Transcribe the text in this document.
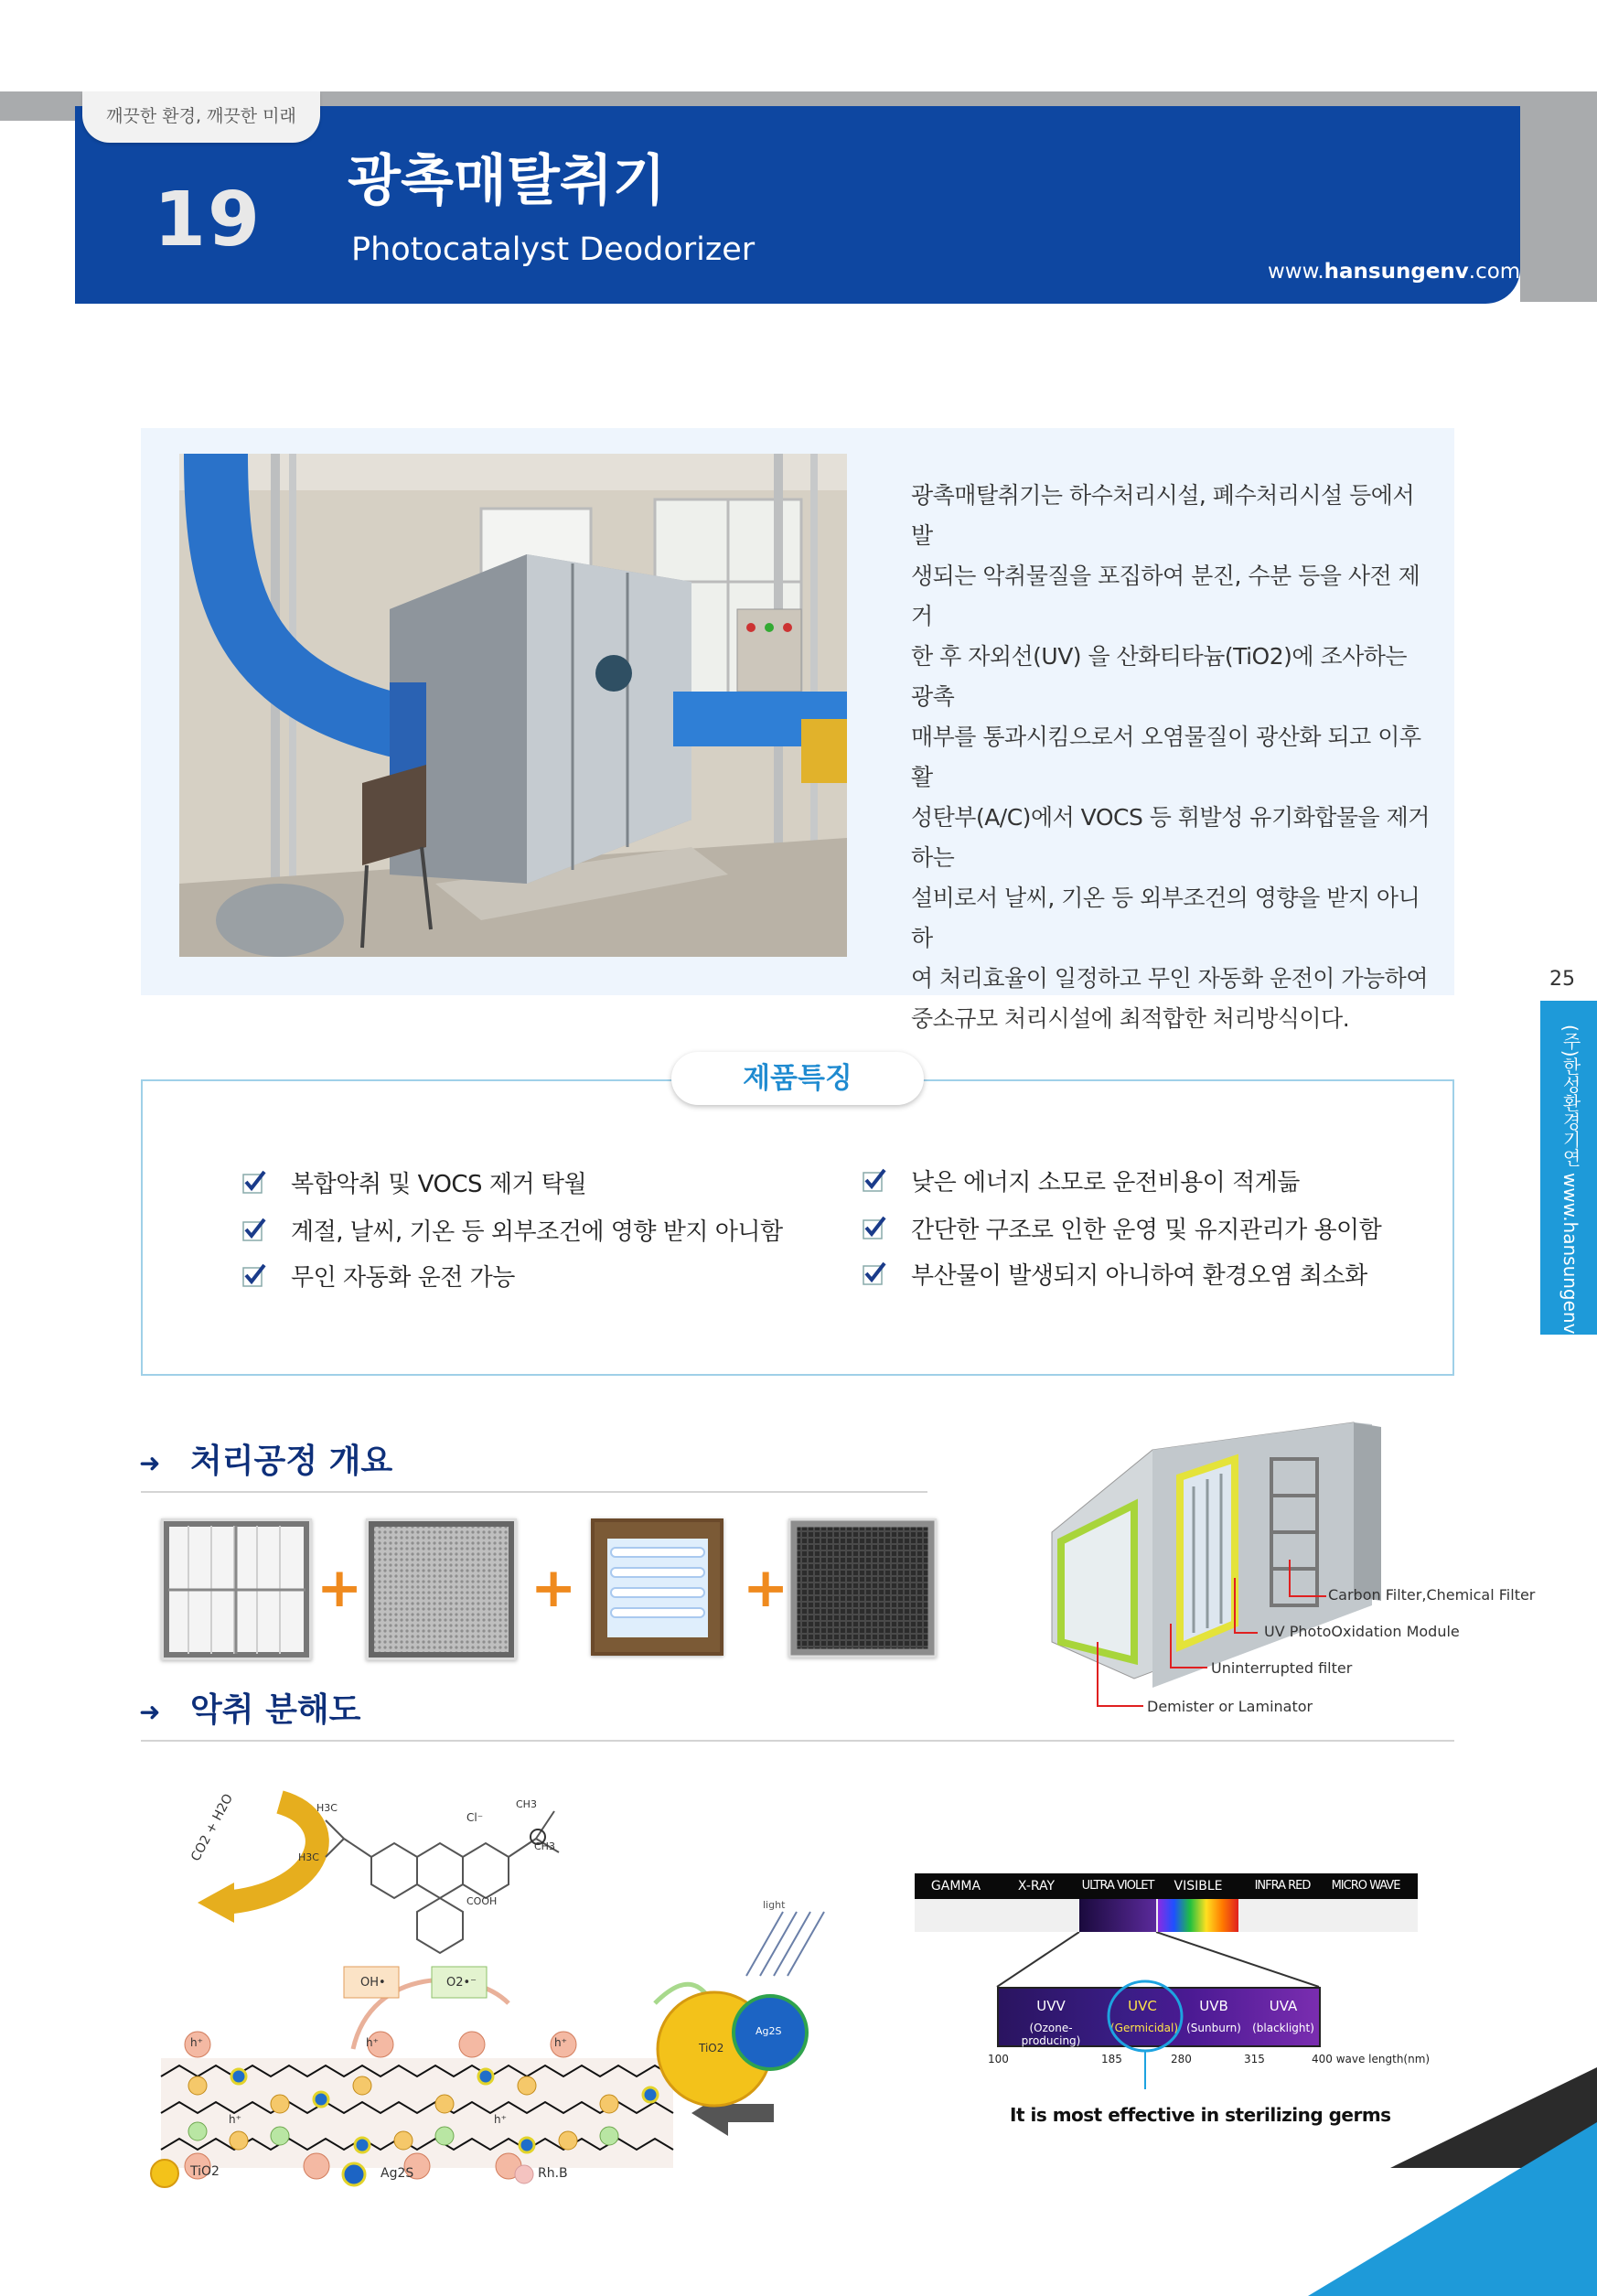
깨끗한 환경, 깨끗한 미래
19 광촉매탈취기
Photocatalyst Deodorizer
www.hansungenv.com
광촉매탈취기는 하수처리시설, 폐수처리시설 등에서 발
생되는 악취물질을 포집하여 분진, 수분 등을 사전 제거
한 후 자외선(UV) 을 산화티타늄(TiO2)에 조사하는 광촉
매부를 통과시킴으로서 오염물질이 광산화 되고 이후 활
성탄부(A/C)에서 VOCS 등 휘발성 유기화합물을 제거하는
설비로서 날씨, 기온 등 외부조건의 영향을 받지 아니하
여 처리효율이 일정하고 무인 자동화 운전이 가능하여
중소규모 처리시설에 최적합한 처리방식이다.
25
(주)한성환경기연 www.hansungenv.com
제품특징
복합악취 및 VOCS 제거 탁월
계절, 날씨, 기온 등 외부조건에 영향 받지 아니함
무인 자동화 운전 가능
낮은 에너지 소모로 운전비용이 적게듦
간단한 구조로 인한 운영 및 유지관리가 용이함
부산물이 발생되지 아니하여 환경오염 최소화
➜ 처리공정 개요
+	+	+	Carbon Filter,Chemical Filter
UV PhotoOxidation Module
Uninterrupted filter
Demister or Laminator
➜ 악취 분해도
CO2 + H2O	Cl⁻
CH3
CH3
H3C
H3C
COOH
OH•	O2•⁻
h⁺	h⁺	h⁺
h⁺	h⁺
light
TiO2
Ag2S
TiO2	Ag2S	Rh.B
GAMMA	X-RAY	ULTRA VIOLET	VISIBLE	INFRA RED	MICRO WAVE
UVV
(Ozone-producing)
UVC
(Germicidal)
UVB
(Sunburn)
UVA
(blacklight)
100	185	280	315	400 wave length(nm)
It is most effective in sterilizing germs
